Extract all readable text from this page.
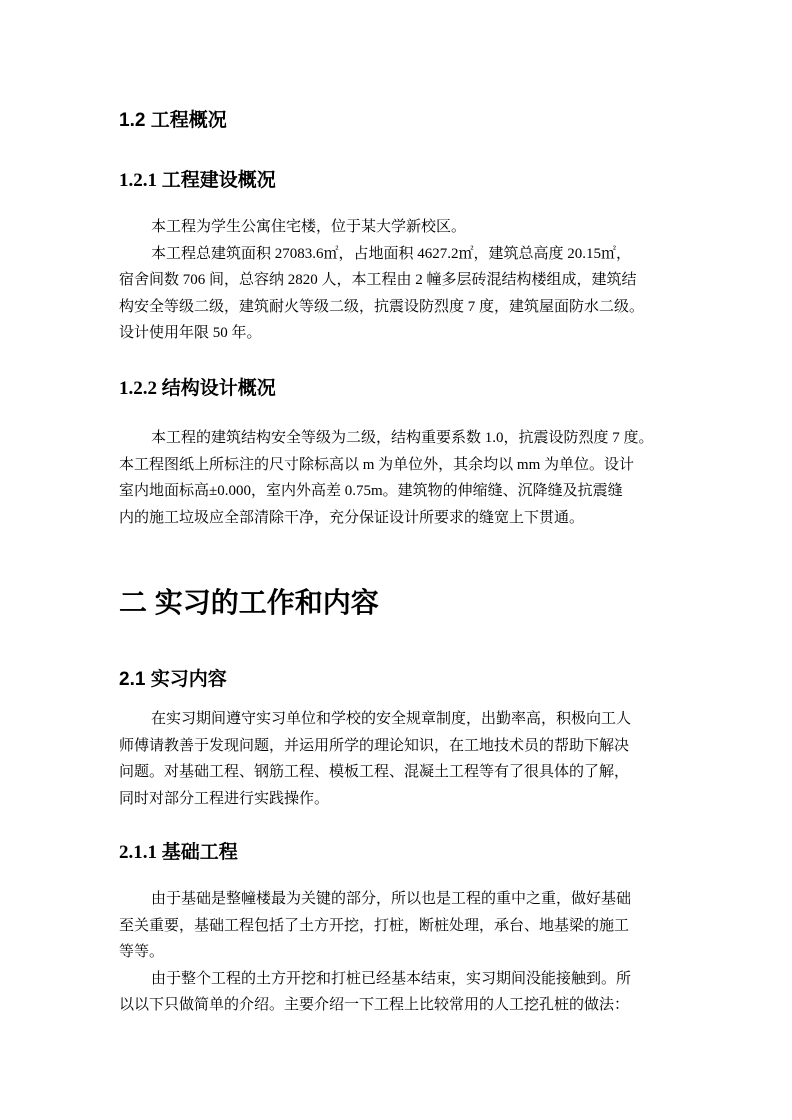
1.2 工程概况
1.2.1 工程建设概况
本工程为学生公寓住宅楼，位于某大学新校区。
本工程总建筑面积 27083.6㎡，占地面积 4627.2㎡，建筑总高度 20.15㎡，
宿舍间数 706 间，总容纳 2820 人，本工程由 2 幢多层砖混结构楼组成，建筑结
构安全等级二级，建筑耐火等级二级，抗震设防烈度 7 度，建筑屋面防水二级。
设计使用年限 50 年。
1.2.2 结构设计概况
本工程的建筑结构安全等级为二级，结构重要系数 1.0，抗震设防烈度 7 度。
本工程图纸上所标注的尺寸除标高以 m 为单位外，其余均以 mm 为单位。设计
室内地面标高±0.000，室内外高差 0.75m。建筑物的伸缩缝、沉降缝及抗震缝
内的施工垃圾应全部清除干净，充分保证设计所要求的缝宽上下贯通。
二 实习的工作和内容
2.1 实习内容
在实习期间遵守实习单位和学校的安全规章制度，出勤率高，积极向工人
师傅请教善于发现问题，并运用所学的理论知识，在工地技术员的帮助下解决
问题。对基础工程、钢筋工程、模板工程、混凝土工程等有了很具体的了解，
同时对部分工程进行实践操作。
2.1.1 基础工程
由于基础是整幢楼最为关键的部分，所以也是工程的重中之重，做好基础
至关重要，基础工程包括了土方开挖，打桩，断桩处理，承台、地基梁的施工
等等。
由于整个工程的土方开挖和打桩已经基本结束，实习期间没能接触到。所
以以下只做简单的介绍。主要介绍一下工程上比较常用的人工挖孔桩的做法：
